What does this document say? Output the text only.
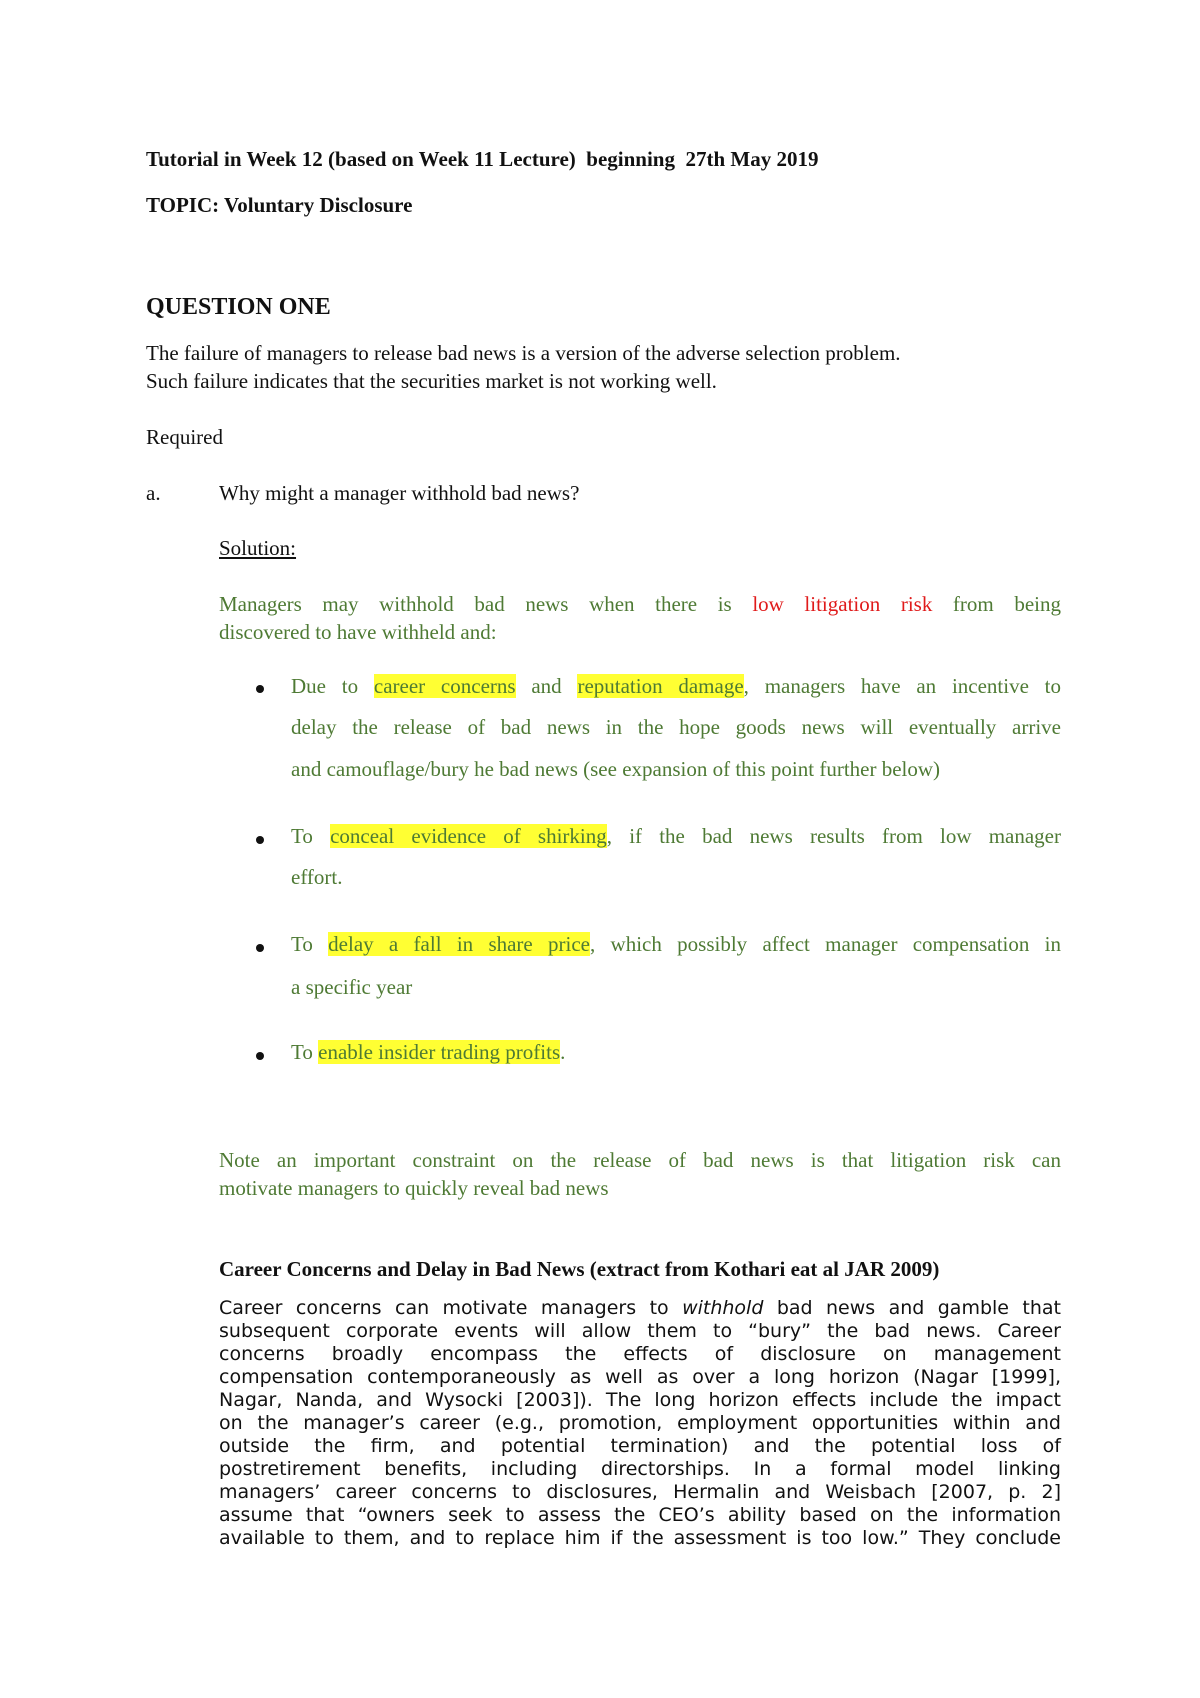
Tutorial in Week 12 (based on Week 11 Lecture)  beginning  27th May 2019
TOPIC: Voluntary Disclosure
QUESTION ONE
The failure of managers to release bad news is a version of the adverse selection problem.
Such failure indicates that the securities market is not working well.
Required
a.	Why might a manager withhold bad news?
Solution:
Managers may withhold bad news when there is low litigation risk from being
discovered to have withheld and:
Due to career concerns and reputation damage, managers have an incentive to
delay the release of bad news in the hope goods news will eventually arrive
and camouflage/bury he bad news (see expansion of this point further below)
To conceal evidence of shirking, if the bad news results from low manager
effort.
To delay a fall in share price, which possibly affect manager compensation in
a specific year
To enable insider trading profits.
Note an important constraint on the release of bad news is that litigation risk can
motivate managers to quickly reveal bad news
Career Concerns and Delay in Bad News (extract from Kothari eat al JAR 2009)
Career concerns can motivate managers to withhold bad news and gamble that
subsequent corporate events will allow them to “bury” the bad news. Career
concerns broadly encompass the effects of disclosure on management
compensation contemporaneously as well as over a long horizon (Nagar [1999],
Nagar, Nanda, and Wysocki [2003]). The long horizon effects include the impact
on the manager’s career (e.g., promotion, employment opportunities within and
outside the firm, and potential termination) and the potential loss of
postretirement benefits, including directorships. In a formal model linking
managers’ career concerns to disclosures, Hermalin and Weisbach [2007, p. 2]
assume that “owners seek to assess the CEO’s ability based on the information
available to them, and to replace him if the assessment is too low.” They conclude
